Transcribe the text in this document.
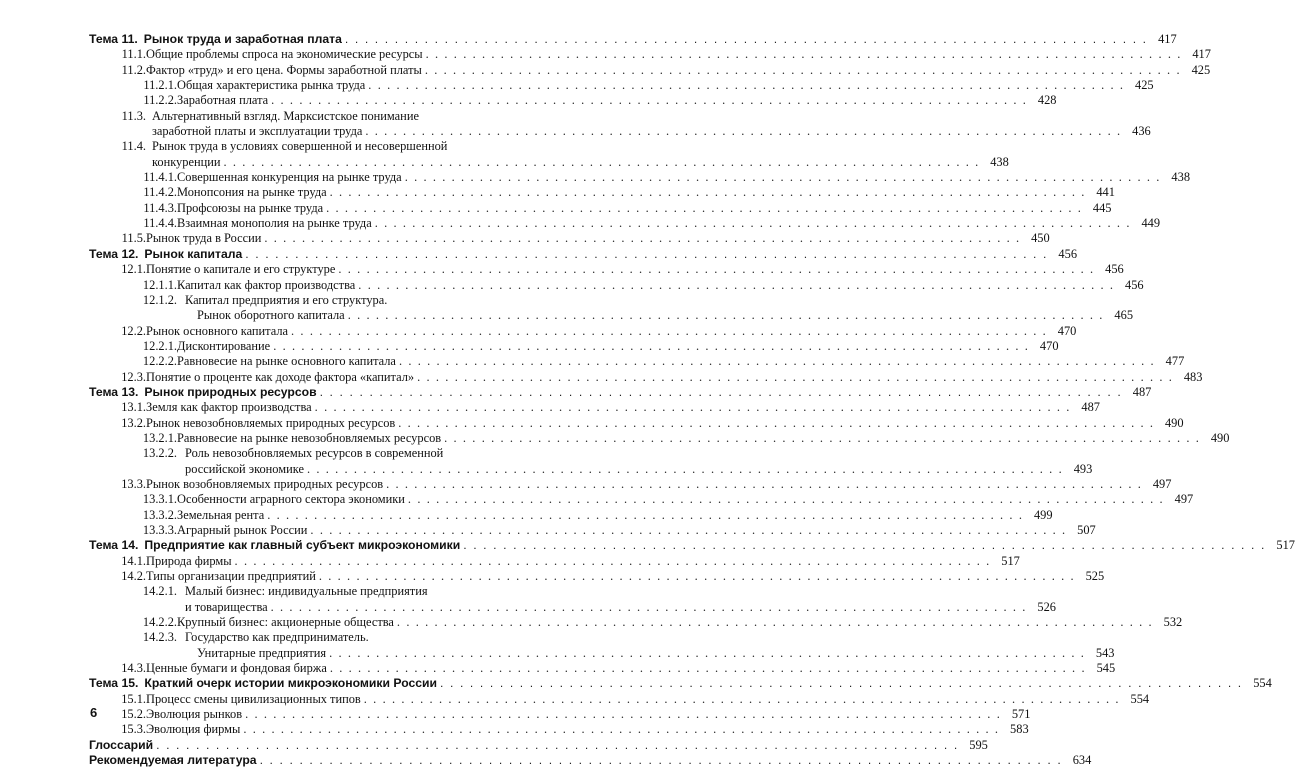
Тема 11. Рынок труда и заработная плата . . .	417
11.1. Общие проблемы спроса на экономические ресурсы . . .	417
11.2. Фактор «труд» и его цена. Формы заработной платы . . .	425
11.2.1. Общая характеристика рынка труда . . .	425
11.2.2. Заработная плата . . .	428
11.3. Альтернативный взгляд. Марксистское понимание
заработной платы и эксплуатации труда . . .	436
11.4. Рынок труда в условиях совершенной и несовершенной
конкуренции . . .	438
11.4.1. Совершенная конкуренция на рынке труда . . .	438
11.4.2. Монопсония на рынке труда . . .	441
11.4.3. Профсоюзы на рынке труда . . .	445
11.4.4. Взаимная монополия на рынке труда . . .	449
11.5. Рынок труда в России . . .	450
Тема 12. Рынок капитала . . .	456
12.1. Понятие о капитале и его структуре . . .	456
12.1.1. Капитал как фактор производства . . .	456
12.1.2. Капитал предприятия и его структура.
Рынок оборотного капитала . . .	465
12.2. Рынок основного капитала . . .	470
12.2.1. Дисконтирование . . .	470
12.2.2. Равновесие на рынке основного капитала . . .	477
12.3. Понятие о проценте как доходе фактора «капитал» . . .	483
Тема 13. Рынок природных ресурсов . . .	487
13.1. Земля как фактор производства . . .	487
13.2. Рынок невозобновляемых природных ресурсов . . .	490
13.2.1. Равновесие на рынке невозобновляемых ресурсов . . .	490
13.2.2. Роль невозобновляемых ресурсов в современной
российской экономике . . .	493
13.3. Рынок возобновляемых природных ресурсов . . .	497
13.3.1. Особенности аграрного сектора экономики . . .	497
13.3.2. Земельная рента . . .	499
13.3.3. Аграрный рынок России . . .	507
Тема 14. Предприятие как главный субъект микроэкономики . . .	517
14.1. Природа фирмы . . .	517
14.2. Типы организации предприятий . . .	525
14.2.1. Малый бизнес: индивидуальные предприятия
и товарищества . . .	526
14.2.2. Крупный бизнес: акционерные общества . . .	532
14.2.3. Государство как предприниматель.
Унитарные предприятия . . .	543
14.3. Ценные бумаги и фондовая биржа . . .	545
Тема 15. Краткий очерк истории микроэкономики России . . .	554
15.1. Процесс смены цивилизационных типов . . .	554
15.2. Эволюция рынков . . .	571
15.3. Эволюция фирмы . . .	583
Глоссарий . . .	595
Рекомендуемая литература . . .	634
6
